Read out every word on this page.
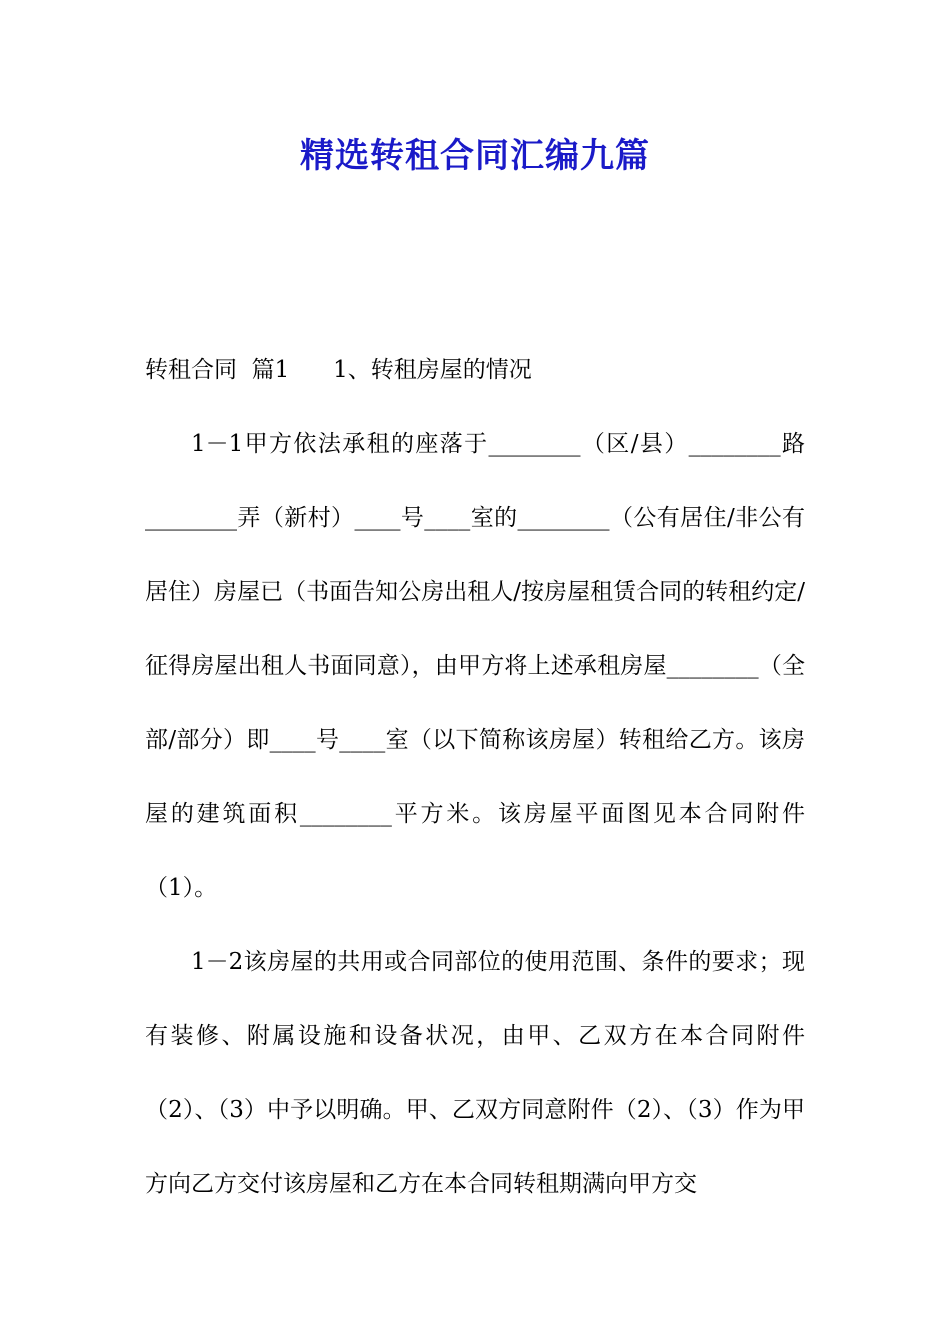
精选转租合同汇编九篇

转租合同  篇1      1、转租房屋的情况

1－1甲方依法承租的座落于________（区/县）________路________弄（新村）____号____室的________（公有居住/非公有居住）房屋已（书面告知公房出租人/按房屋租赁合同的转租约定/征得房屋出租人书面同意），由甲方将上述承租房屋________（全部/部分）即____号____室（以下简称该房屋）转租给乙方。该房屋的建筑面积________平方米。该房屋平面图见本合同附件（1）。

1－2该房屋的共用或合同部位的使用范围、条件的要求；现有装修、附属设施和设备状况，由甲、乙双方在本合同附件（2）、（3）中予以明确。甲、乙双方同意附件（2）、（3）作为甲方向乙方交付该房屋和乙方在本合同转租期满向甲方交
